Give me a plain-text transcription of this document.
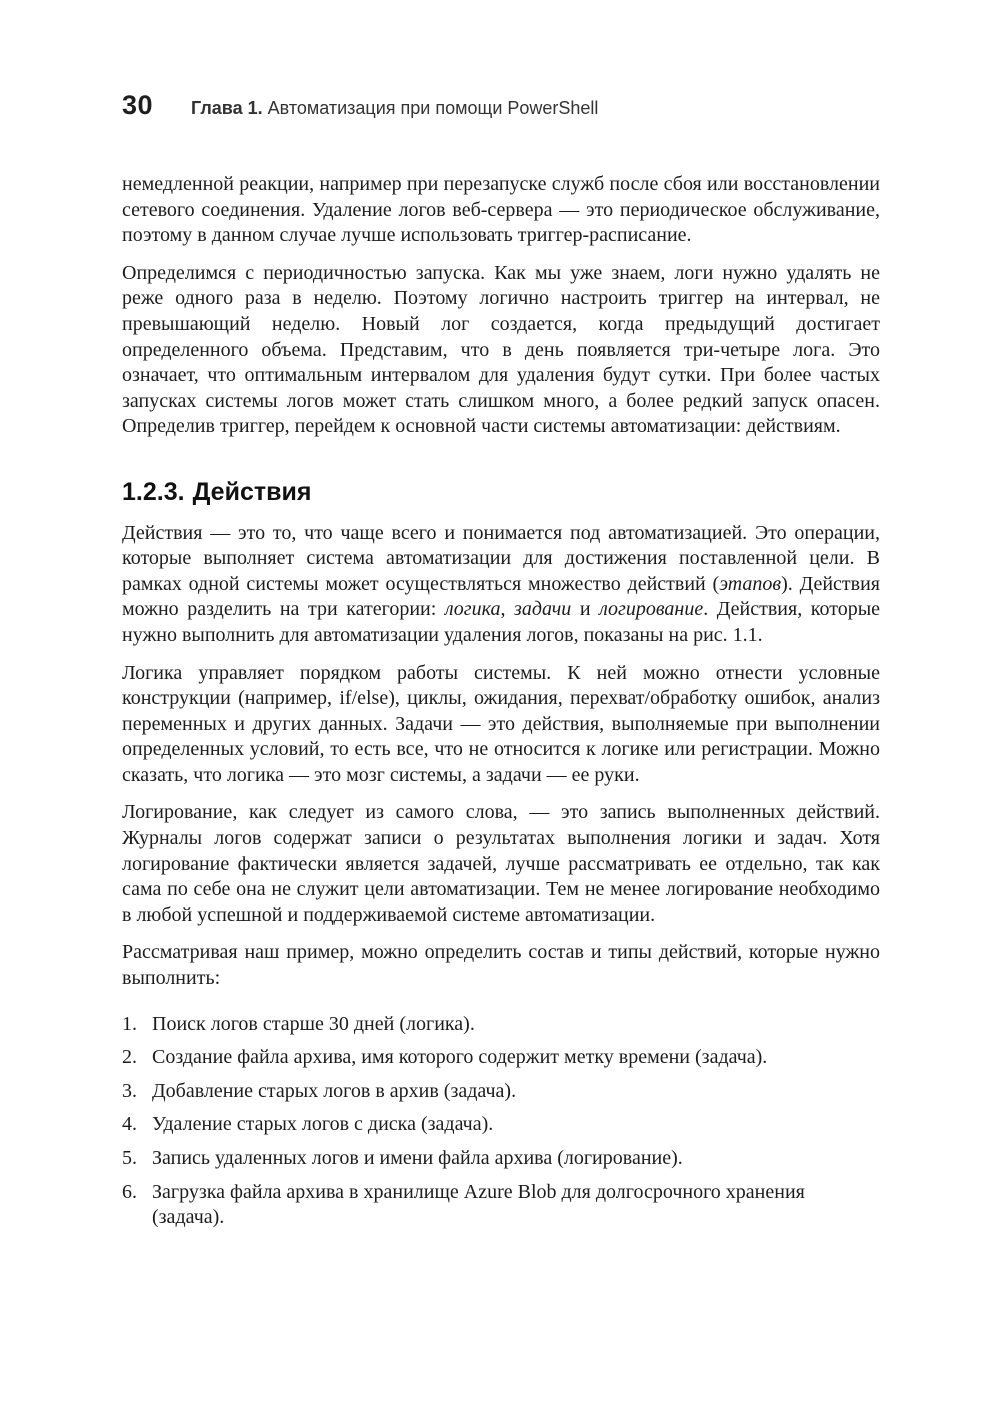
30 Глава 1. Автоматизация при помощи PowerShell

немедленной реакции, например при перезапуске служб после сбоя или восстановлении сетевого соединения. Удаление логов веб-сервера — это периодическое обслуживание, поэтому в данном случае лучше использовать триггер-расписание.

Определимся с периодичностью запуска. Как мы уже знаем, логи нужно удалять не реже одного раза в неделю. Поэтому логично настроить триггер на интервал, не превышающий неделю. Новый лог создается, когда предыдущий достигает определенного объема. Представим, что в день появляется три-четыре лога. Это означает, что оптимальным интервалом для удаления будут сутки. При более частых запусках системы логов может стать слишком много, а более редкий запуск опасен. Определив триггер, перейдем к основной части системы автоматизации: действиям.

1.2.3. Действия

Действия — это то, что чаще всего и понимается под автоматизацией. Это операции, которые выполняет система автоматизации для достижения поставленной цели. В рамках одной системы может осуществляться множество действий (этапов). Действия можно разделить на три категории: логика, задачи и логирование. Действия, которые нужно выполнить для автоматизации удаления логов, показаны на рис. 1.1.

Логика управляет порядком работы системы. К ней можно отнести условные конструкции (например, if/else), циклы, ожидания, перехват/обработку ошибок, анализ переменных и других данных. Задачи — это действия, выполняемые при выполнении определенных условий, то есть все, что не относится к логике или регистрации. Можно сказать, что логика — это мозг системы, а задачи — ее руки.

Логирование, как следует из самого слова, — это запись выполненных действий. Журналы логов содержат записи о результатах выполнения логики и задач. Хотя логирование фактически является задачей, лучше рассматривать ее отдельно, так как сама по себе она не служит цели автоматизации. Тем не менее логирование необходимо в любой успешной и поддерживаемой системе автоматизации.

Рассматривая наш пример, можно определить состав и типы действий, которые нужно выполнить:

1. Поиск логов старше 30 дней (логика).
2. Создание файла архива, имя которого содержит метку времени (задача).
3. Добавление старых логов в архив (задача).
4. Удаление старых логов с диска (задача).
5. Запись удаленных логов и имени файла архива (логирование).
6. Загрузка файла архива в хранилище Azure Blob для долгосрочного хранения (задача).
